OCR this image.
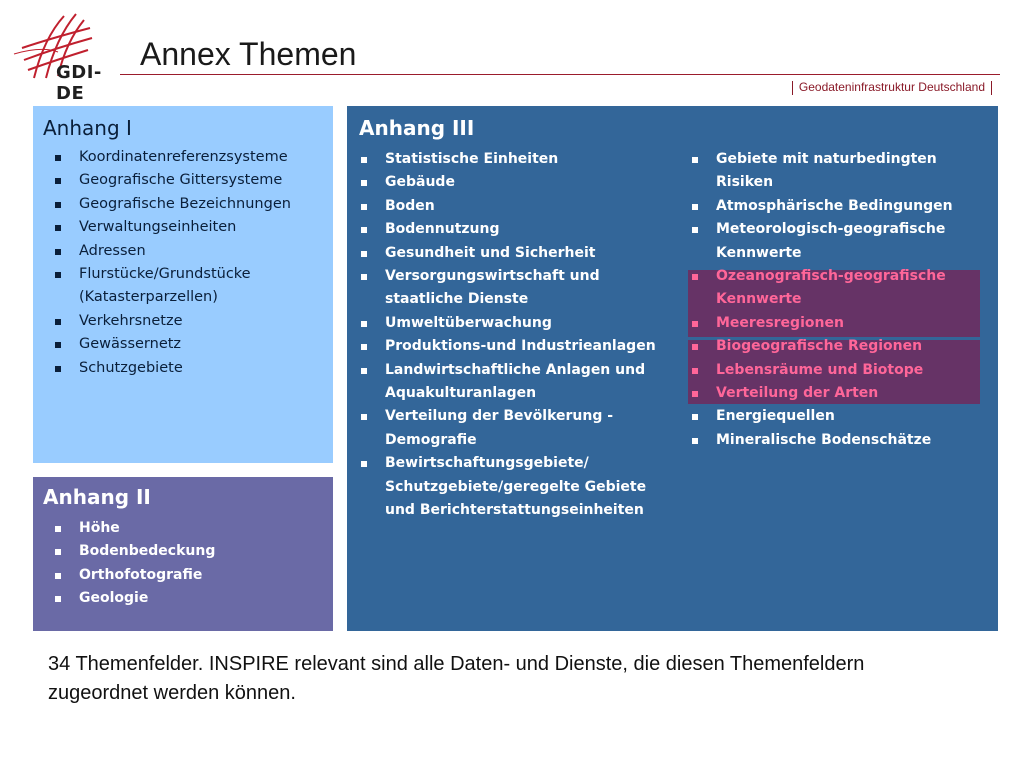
GDI-DE
Annex Themen
Geodateninfrastruktur Deutschland
Anhang I
Koordinatenreferenzsysteme
Geografische Gittersysteme
Geografische Bezeichnungen
Verwaltungseinheiten
Adressen
Flurstücke/Grundstücke (Katasterparzellen)
Verkehrsnetze
Gewässernetz
Schutzgebiete
Anhang II
Höhe
Bodenbedeckung
Orthofotografie
Geologie
Anhang III
Statistische Einheiten
Gebäude
Boden
Bodennutzung
Gesundheit und Sicherheit
Versorgungswirtschaft und staatliche Dienste
Umweltüberwachung
Produktions-und Industrieanlagen
Landwirtschaftliche Anlagen und Aquakulturanlagen
Verteilung der Bevölkerung - Demografie
Bewirtschaftungsgebiete/ Schutzgebiete/geregelte Gebiete und Berichterstattungseinheiten
Gebiete mit naturbedingten Risiken
Atmosphärische Bedingungen
Meteorologisch-geografische Kennwerte
Ozeanografisch-geografische Kennwerte
Meeresregionen
Biogeografische Regionen
Lebensräume und Biotope
Verteilung der Arten
Energiequellen
Mineralische Bodenschätze
34 Themenfelder. INSPIRE relevant sind alle Daten- und Dienste, die diesen Themenfeldern zugeordnet werden können.
